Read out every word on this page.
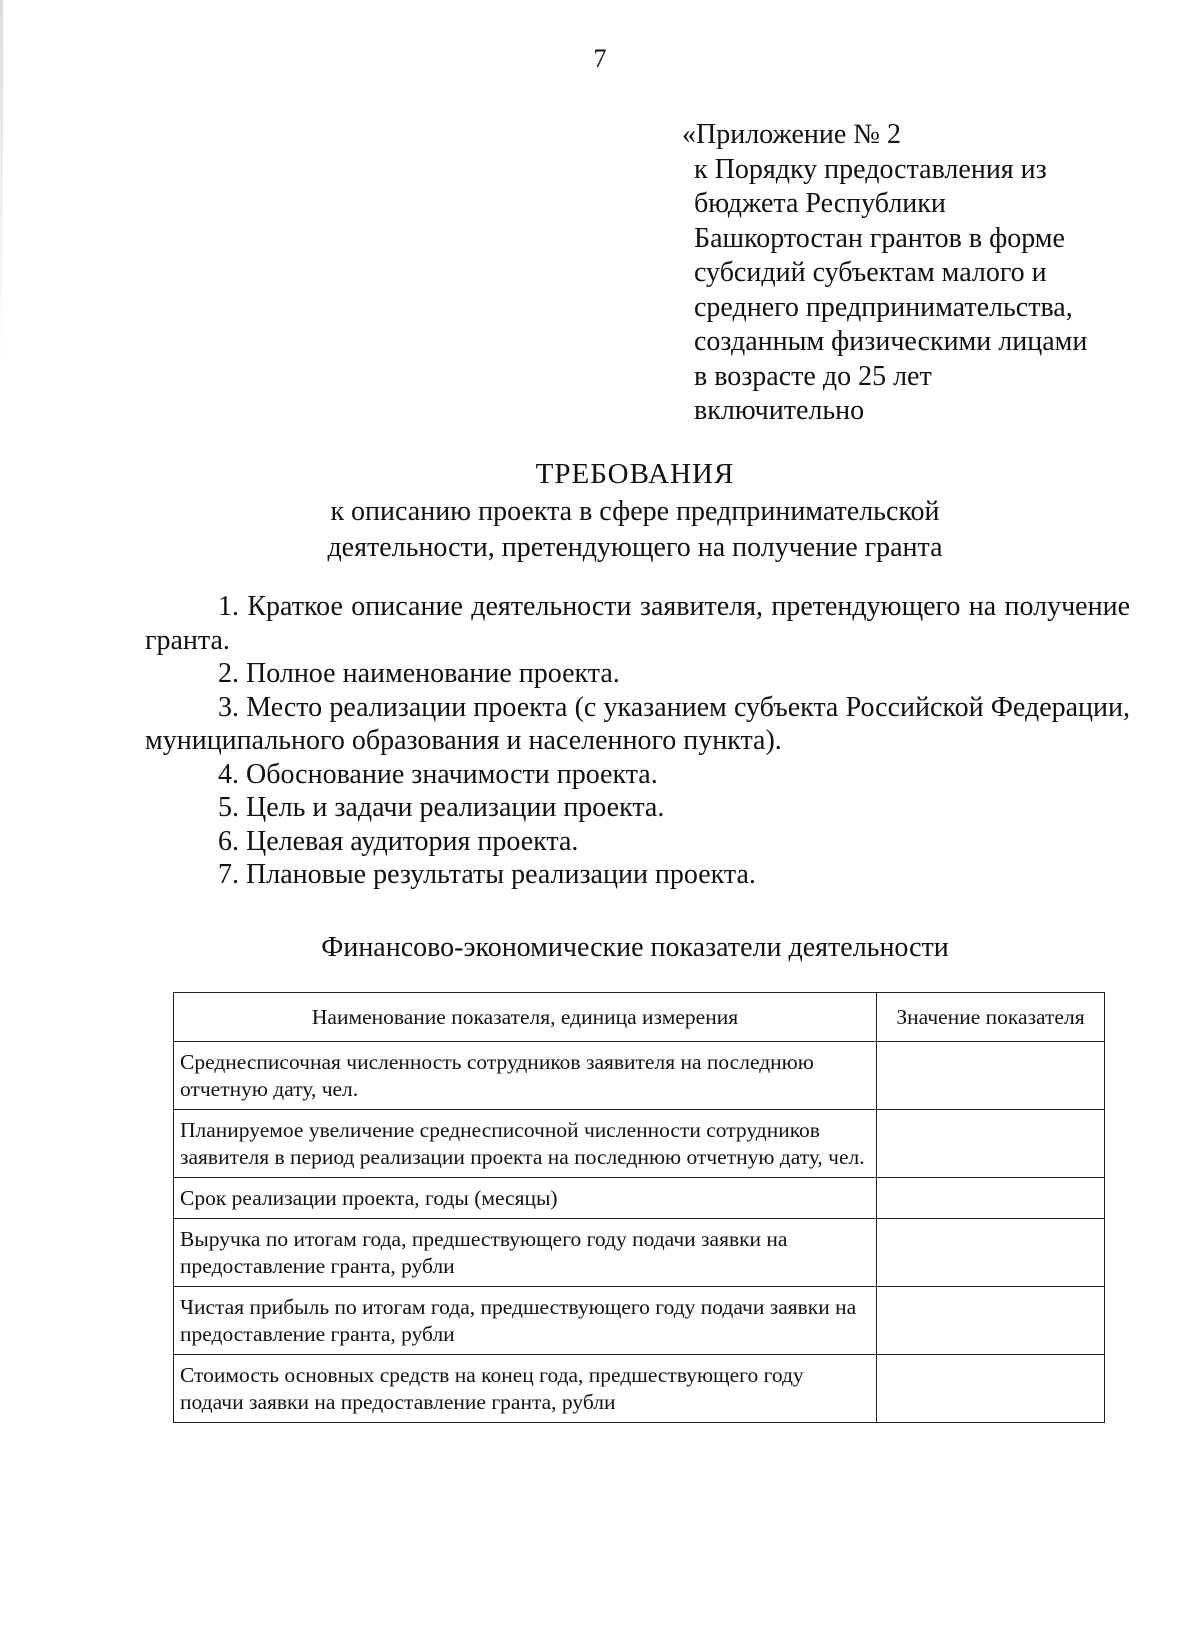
7
«Приложение № 2
к Порядку предоставления из
бюджета Республики
Башкортостан грантов в форме
субсидий субъектам малого и
среднего предпринимательства,
созданным физическими лицами
в возрасте до 25 лет
включительно
ТРЕБОВАНИЯ
к описанию проекта в сфере предпринимательской
деятельности, претендующего на получение гранта

1. Краткое описание деятельности заявителя, претендующего на получение гранта.

2. Полное наименование проекта.

3. Место реализации проекта (с указанием субъекта Российской Федерации, муниципального образования и населенного пункта).

4. Обоснование значимости проекта.

5. Цель и задачи реализации проекта.

6. Целевая аудитория проекта.

7. Плановые результаты реализации проекта.

Финансово-экономические показатели деятельности
Наименование показателя, единица измерения	Значение показателя
Среднесписочная численность сотрудников заявителя на последнюю отчетную дату, чел.	
Планируемое увеличение среднесписочной численности сотрудников заявителя в период реализации проекта на последнюю отчетную дату, чел.	
Срок реализации проекта, годы (месяцы)	
Выручка по итогам года, предшествующего году подачи заявки на предоставление гранта, рубли	
Чистая прибыль по итогам года, предшествующего году подачи заявки на предоставление гранта, рубли	
Стоимость основных средств на конец года, предшествующего году подачи заявки на предоставление гранта, рубли	
